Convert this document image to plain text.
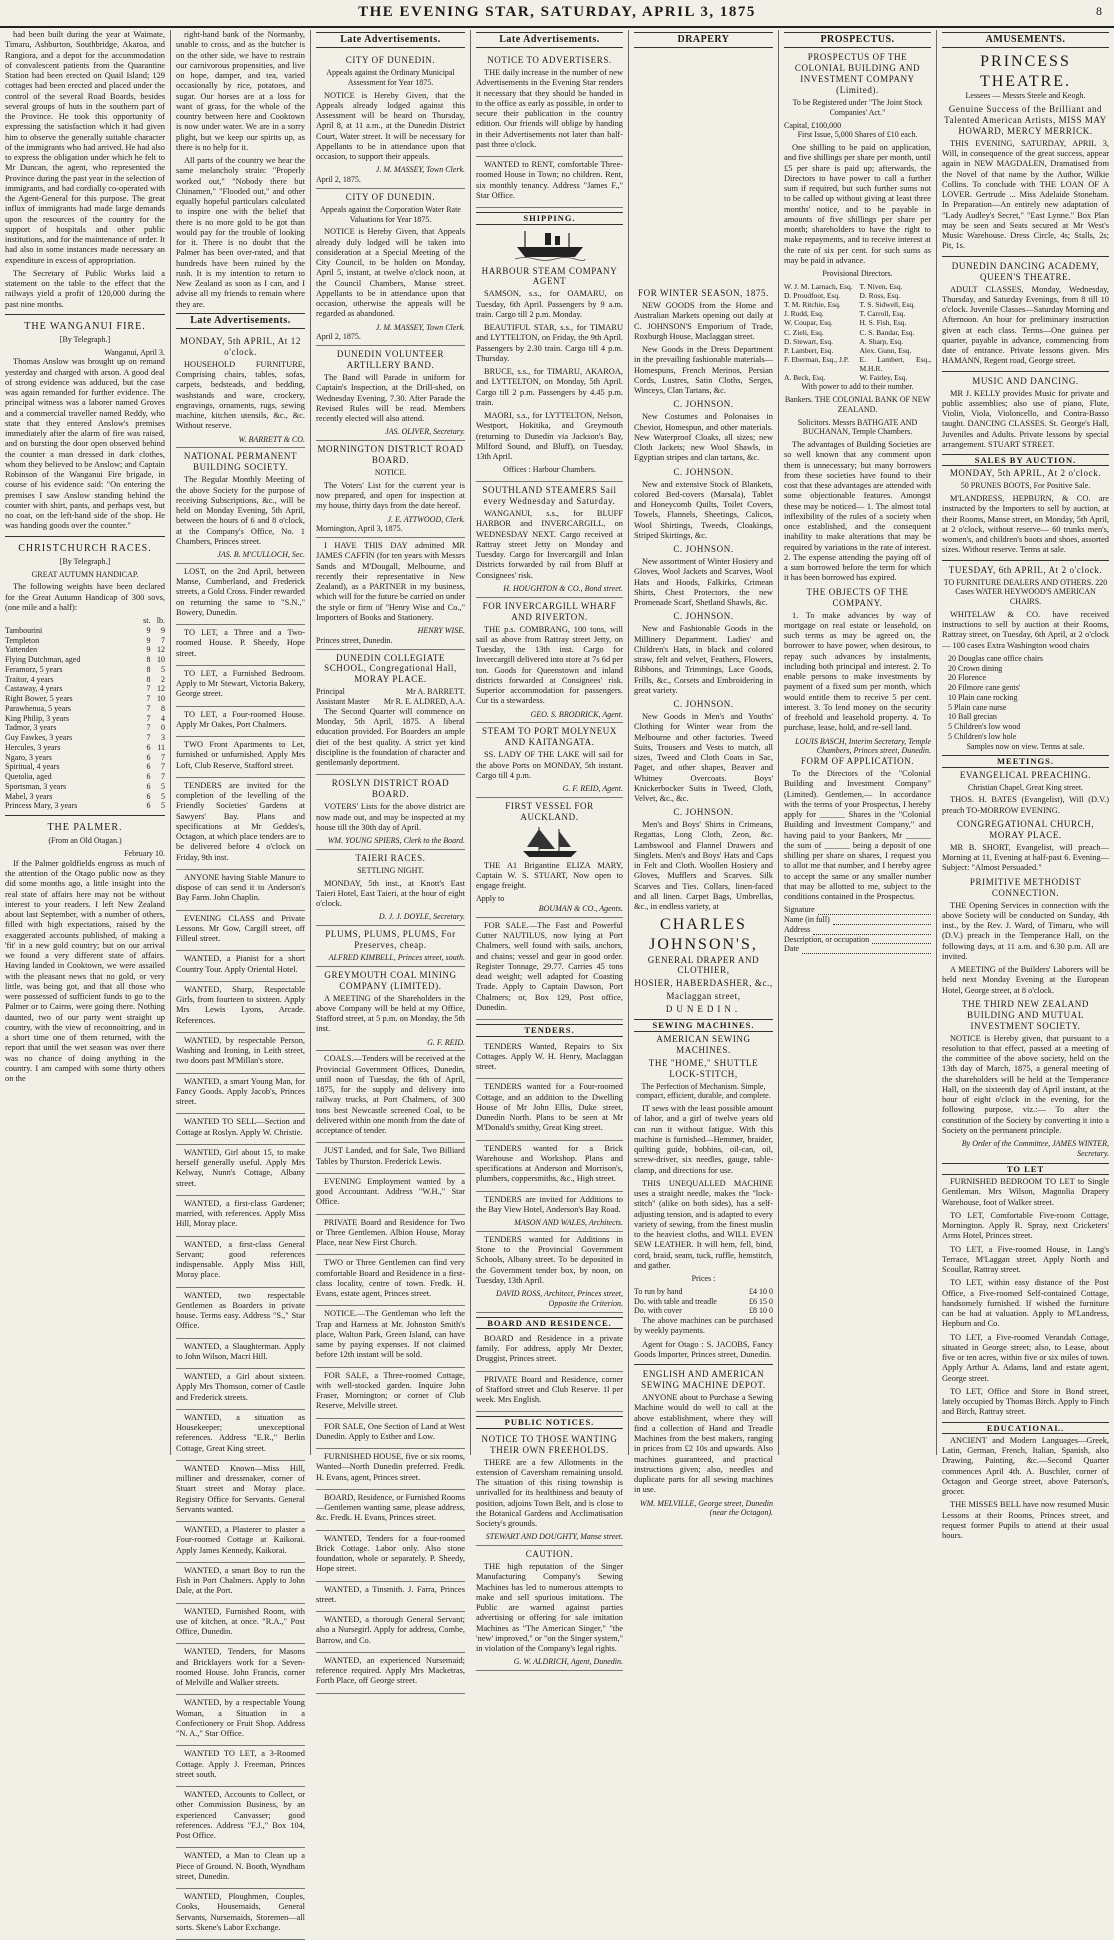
THE EVENING STAR, SATURDAY, APRIL 3, 1875	8

had been built during the year at Waimate, Timaru, Ashburton, Southbridge, Akaroa, and Rangiora, and a depot for the accommodation of convalescent patients from the Quarantine Station had been erected on Quail Island; 129 cottages had been erected and placed under the control of the several Road Boards, besides several groups of huts in the southern part of the Province. He took this opportunity of expressing the satisfaction which it had given him to observe the generally suitable character of the immigrants who had arrived. He had also to express the obligation under which he felt to Mr Duncan, the agent, who represented the Province during the past year in the selection of immigrants, and had cordially co-operated with the Agent-General for this purpose. The great influx of immigrants had made large demands upon the resources of the country for the support of hospitals and other public institutions, and for the maintenance of order. It had also in some instances made necessary an expenditure in excess of appropriation.

The Secretary of Public Works laid a statement on the table to the effect that the railways yield a profit of 120,000 during the past nine months.

THE WANGANUI FIRE.
[By Telegraph.]
Wanganui, April 3.

Thomas Anslow was brought up on remand yesterday and charged with arson. A good deal of strong evidence was adduced, but the case was again remanded for further evidence. The principal witness was a laborer named Groves and a commercial traveller named Reddy, who state that they entered Anslow's premises immediately after the alarm of fire was raised, and on bursting the door open observed behind the counter a man dressed in dark clothes, whom they believed to be Anslow; and Captain Robinson of the Wanganui Fire brigade, in course of his evidence said: "On entering the premises I saw Anslow standing behind the counter with shirt, pants, and perhaps vest, but no coat, on the left-hand side of the shop. He was handing goods over the counter."

CHRISTCHURCH RACES.
[By Telegraph.]
GREAT AUTUMN HANDICAP.

The following weights have been declared for the Great Autumn Handicap of 300 sovs, (one mile and a half):

	st.	lb.
Tambourini	9	9
Templeton	9	7
Yattenden	9	12
Flying Dutchman, aged	8	10
Feramorz, 5 years	8	5
Traitor, 4 years	8	2
Castaway, 4 years	7	12
Right Bower, 5 years	7	10
Parawhenua, 5 years	7	8
King Philip, 3 years	7	4
Tadmor, 3 years	7	0
Guy Fawkes, 3 years	7	3
Hercules, 3 years	6	11
Ngaro, 3 years	6	7
Spiritual, 4 years	6	7
Quetolia, aged	6	7
Sportsman, 3 years	6	5
Mabel, 3 years	6	5
Princess Mary, 3 years	6	5
THE PALMER.
(From an Old Otagan.)
February 10.

If the Palmer goldfields engross as much of the attention of the Otago public now as they did some months ago, a little insight into the real state of affairs here may not be without interest to your readers. I left New Zealand about last September, with a number of others, filled with high expectations, raised by the exaggerated accounts published, of making a 'fit' in a new gold country; but on our arrival we found a very different state of affairs. Having landed in Cooktown, we were assailed with the pleasant news that no gold, or very little, was being got, and that all those who were possessed of sufficient funds to go to the Palmer or to Cairns, were going there. Nothing daunted, two of our party went straight up country, with the view of reconnoitring, and in a short time one of them returned, with the report that until the wet season was over there was no chance of doing anything in the country. I am camped with some thirty others on the

right-hand bank of the Normanby, unable to cross, and as the butcher is on the other side, we have to restrain our carnivorous propensities, and live on hope, damper, and tea, varied occasionally by rice, potatoes, and sugar. Our horses are at a loss for want of grass, for the whole of the country between here and Cooktown is now under water. We are in a sorry plight, but we keep our spirits up, as there is no help for it.

All parts of the country we hear the same melancholy strain: "Properly worked out," "Nobody there but Chinamen," "Flooded out," and other equally hopeful particulars calculated to inspire one with the belief that there is no more gold to be got than would pay for the trouble of looking for it. There is no doubt that the Palmer has been over-rated, and that hundreds have been ruined by the rush. It is my intention to return to New Zealand as soon as I can, and I advise all my friends to remain where they are.

Late Advertisements.
MONDAY, 5th APRIL, At 12 o'clock.

HOUSEHOLD FURNITURE, Comprising chairs, tables, sofas, carpets, bedsteads, and bedding, washstands and ware, crockery, engravings, ornaments, rugs, sewing machine, kitchen utensils, &c., &c. Without reserve.

W. BARRETT & CO.
NATIONAL PERMANENT BUILDING SOCIETY.

The Regular Monthly Meeting of the above Society for the purpose of receiving Subscriptions, &c., will be held on Monday Evening, 5th April, between the hours of 6 and 8 o'clock, at the Company's Office, No. 1 Chambers, Princes street.

JAS. B. M'CULLOCH, Sec.

LOST, on the 2nd April, between Manse, Cumberland, and Frederick streets, a Gold Cross. Finder rewarded on returning the same to "S.N.," Bowery, Dunedin.

TO LET, a Three and a Two-roomed House. P. Sheedy, Hope street.

TO LET, a Furnished Bedroom. Apply to Mr Stewart, Victoria Bakery, George street.

TO LET, a Four-roomed House. Apply Mr Oakes, Port Chalmers.

TWO Front Apartments to Let, furnished or unfurnished. Apply Mrs Loft, Club Reserve, Stafford street.

TENDERS are invited for the completion of the levelling of the Friendly Societies' Gardens at Sawyers' Bay. Plans and specifications at Mr Geddes's, Octagon, at which place tenders are to be delivered before 4 o'clock on Friday, 9th inst.

ANYONE having Stable Manure to dispose of can send it to Anderson's Bay Farm. John Chaplin.

EVENING CLASS and Private Lessons. Mr Gow, Cargill street, off Filleul street.

WANTED, a Pianist for a short Country Tour. Apply Oriental Hotel.

WANTED, Sharp, Respectable Girls, from fourteen to sixteen. Apply Mrs Lewis Lyons, Arcade. References.

WANTED, by respectable Person, Washing and Ironing, in Leith street, two doors past M'Millan's store.

WANTED, a smart Young Man, for Fancy Goods. Apply Jacob's, Princes street.

WANTED TO SELL—Section and Cottage at Roslyn. Apply W. Christie.

WANTED, Girl about 15, to make herself generally useful. Apply Mrs Kelway, Nunn's Cottage, Albany street.

WANTED, a first-class Gardener; married, with references. Apply Miss Hill, Moray place.

WANTED, a first-class General Servant; good references indispensable. Apply Miss Hill, Moray place.

WANTED, two respectable Gentlemen as Boarders in private house. Terms easy. Address "S.," Star Office.

WANTED, a Slaughterman. Apply to John Wilson, Macri Hill.

WANTED, a Girl about sixteen. Apply Mrs Thomson, corner of Castle and Frederick streets.

WANTED, a situation as Housekeeper; unexceptional references. Address "E.R.," Berlin Cottage, Great King street.

WANTED Known—Miss Hill, milliner and dressmaker, corner of Stuart street and Moray place. Registry Office for Servants. General Servants wanted.

WANTED, a Plasterer to plaster a Four-roomed Cottage at Kaikorai. Apply James Kennedy, Kaikorai.

WANTED, a smart Boy to run the Fish in Port Chalmers. Apply to John Dale, at the Port.

WANTED, Furnished Room, with use of kitchen, at once. "R.A.," Post Office, Dunedin.

WANTED, Tenders, for Masons and Bricklayers work for a Seven-roomed House. John Francis, corner of Melville and Walker streets.

WANTED, by a respectable Young Woman, a Situation in a Confectionery or Fruit Shop. Address "N. A.," Star Office.

WANTED TO LET, a 3-Roomed Cottage. Apply J. Freeman, Princes street south.

WANTED, Accounts to Collect, or other Commission Business, by an experienced Canvasser; good references. Address "F.J.," Box 104, Post Office.

WANTED, a Man to Clean up a Piece of Ground. N. Booth, Wyndham street, Dunedin.

WANTED, Ploughmen, Couples, Cooks, Housemaids, General Servants, Nursemaids, Storemen—all sorts. Skene's Labor Exchange.

Late Advertisements.
CITY OF DUNEDIN.
Appeals against the Ordinary Municipal Assessment for Year 1875.

NOTICE is Hereby Given, that the Appeals already lodged against this Assessment will be heard on Thursday, April 8, at 11 a.m., at the Dunedin District Court, Water street. It will be necessary for Appellants to be in attendance upon that occasion, to support their appeals.

J. M. MASSEY, Town Clerk.
April 2, 1875.
CITY OF DUNEDIN.
Appeals against the Corporation Water Rate Valuations for Year 1875.

NOTICE is Hereby Given, that Appeals already duly lodged will be taken into consideration at a Special Meeting of the City Council, to be holden on Monday, April 5, instant, at twelve o'clock noon, at the Council Chambers, Manse street. Appellants to be in attendance upon that occasion, otherwise the appeals will be regarded as abandoned.

J. M. MASSEY, Town Clerk.
April 2, 1875.
DUNEDIN VOLUNTEER ARTILLERY BAND.

The Band will Parade in uniform for Captain's Inspection, at the Drill-shed, on Wednesday Evening, 7.30. After Parade the Revised Rules will be read. Members recently elected will also attend.

JAS. OLIVER, Secretary.
MORNINGTON DISTRICT ROAD BOARD.
NOTICE.

The Voters' List for the current year is now prepared, and open for inspection at my house, thirty days from the date hereof.

J. E. ATTWOOD, Clerk.
Mornington, April 3, 1875.

I HAVE THIS DAY admitted MR JAMES CAFFIN (for ten years with Messrs Sands and M'Dougall, Melbourne, and recently their representative in New Zealand), as a PARTNER in my business, which will for the future be carried on under the style or firm of "Henry Wise and Co.," Importers of Books and Stationery.

HENRY WISE.
Princes street, Dunedin.
DUNEDIN COLLEGIATE SCHOOL, Congregational Hall, MORAY PLACE.
Principal	Mr A. BARRETT.
Assistant Master	Mr R. E. ALDRED, A.A.

The Second Quarter will commence on Monday, 5th April, 1875. A liberal education provided. For Boarders an ample diet of the best quality. A strict yet kind discipline is the foundation of character and gentlemanly deportment.

ROSLYN DISTRICT ROAD BOARD.

VOTERS' Lists for the above district are now made out, and may be inspected at my house till the 30th day of April.

WM. YOUNG SPIERS, Clerk to the Board.
TAIERI RACES.
SETTLING NIGHT.

MONDAY, 5th inst., at Knott's East Taieri Hotel, East Taieri, at the hour of eight o'clock.

D. J. J. DOYLE, Secretary.
PLUMS, PLUMS, PLUMS, For Preserves, cheap.
ALFRED KIMBELL, Princes street, south.
GREYMOUTH COAL MINING COMPANY (LIMITED).

A MEETING of the Shareholders in the above Company will be held at my Office, Stafford street, at 5 p.m. on Monday, the 5th inst.

G. F. REID.

COALS.—Tenders will be received at the Provincial Government Offices, Dunedin, until noon of Tuesday, the 6th of April, 1875, for the supply and delivery into railway trucks, at Port Chalmers, of 300 tons best Newcastle screened Coal, to be delivered within one month from the date of acceptance of tender.

JUST Landed, and for Sale, Two Billiard Tables by Thurston. Frederick Lewis.

EVENING Employment wanted by a good Accountant. Address "W.H.," Star Office.

PRIVATE Board and Residence for Two or Three Gentlemen. Albion House, Moray Place, near New First Church.

TWO or Three Gentlemen can find very comfortable Board and Residence in a first-class locality, centre of town. Fredk. H. Evans, estate agent, Princes street.

NOTICE.—The Gentleman who left the Trap and Harness at Mr. Johnston Smith's place, Walton Park, Green Island, can have same by paying expenses. If not claimed before 12th instant will be sold.

FOR SALE, a Three-roomed Cottage, with well-stocked garden. Inquire John Fraser, Mornington; or corner of Club Reserve, Melville street.

FOR SALE, One Section of Land at West Dunedin. Apply to Esther and Low.

FURNISHED HOUSE, five or six rooms, Wanted—North Dunedin preferred. Fredk. H. Evans, agent, Princes street.

BOARD, Residence, or Furnished Rooms—Gentlemen wanting same, please address, &c. Fredk. H. Evans, Princes street.

WANTED, Tenders for a four-roomed Brick Cottage. Labor only. Also stone foundation, whole or separately. P. Sheedy, Hope street.

WANTED, a Tinsmith. J. Farra, Princes street.

WANTED, a thorough General Servant; also a Nursegirl. Apply for address, Combe, Barrow, and Co.

WANTED, an experienced Nursemaid; reference required. Apply Mrs Macketras, Forth Place, off George street.

Late Advertisements.
NOTICE TO ADVERTISERS.

THE daily increase in the number of new Advertisements in the Evening Star renders it necessary that they should be handed in to the office as early as possible, in order to secure their publication in the country edition. Our friends will oblige by handing in their Advertisements not later than half-past three o'clock.

WANTED to RENT, comfortable Three-roomed House in Town; no children. Rent, six monthly tenancy. Address "James F.," Star Office.

SHIPPING.
HARBOUR STEAM COMPANY AGENT

SAMSON, s.s., for OAMARU, on Tuesday, 6th April. Passengers by 9 a.m. train. Cargo till 2 p.m. Monday.

BEAUTIFUL STAR, s.s., for TIMARU and LYTTELTON, on Friday, the 9th April. Passengers by 2.30 train. Cargo till 4 p.m. Thursday.

BRUCE, s.s., for TIMARU, AKAROA, and LYTTELTON, on Monday, 5th April. Cargo till 2 p.m. Passengers by 4.45 p.m. train.

MAORI, s.s., for LYTTELTON, Nelson, Westport, Hokitika, and Greymouth (returning to Dunedin via Jackson's Bay, Milford Sound, and Bluff), on Tuesday, 13th April.

Offices : Harbour Chambers.
SOUTHLAND STEAMERS Sail every Wednesday and Saturday.

WANGANUI, s.s., for BLUFF HARBOR and INVERCARGILL, on WEDNESDAY NEXT. Cargo received at Rattray street Jetty on Monday and Tuesday. Cargo for Invercargill and Inlan Districts forwarded by rail from Bluff at Consignees' risk.

H. HOUGHTON & CO., Bond street.
FOR INVERCARGILL WHARF AND RIVERTON.

THE p.s. COMBRANG, 100 tons, will sail as above from Rattray street Jetty, on Tuesday, the 13th inst. Cargo for Invercargill delivered into store at 7s 6d per ton. Goods for Queenstown and inland districts forwarded at Consignees' risk. Superior accommodation for passengers. Cur tis a stewardess.

GEO. S. BRODRICK, Agent.
STEAM TO PORT MOLYNEUX AND KAITANGATA.

SS. LADY OF THE LAKE will sail for the above Ports on MONDAY, 5th instant. Cargo till 4 p.m.

G. F. REID, Agent.
FIRST VESSEL FOR AUCKLAND.

THE A1 Brigantine ELIZA MARY, Captain W. S. STUART, Now open to engage freight.

Apply to
BOUMAN & CO., Agents.

FOR SALE.—The Fast and Powerful Cutter NAUTILUS, now lying at Port Chalmers, well found with sails, anchors, and chains; vessel and gear in good order. Register Tonnage, 29.77. Carries 45 tons dead weight; well adapted for Coasting Trade. Apply to Captain Dawson, Port Chalmers; or, Box 129, Post office, Dunedin.

TENDERS.

TENDERS Wanted, Repairs to Six Cottages. Apply W. H. Henry, Maclaggan street.

TENDERS wanted for a Four-roomed Cottage, and an addition to the Dwelling House of Mr John Ellis, Duke street, Dunedin North. Plans to be seen at Mr M'Donald's smithy, Great King street.

TENDERS wanted for a Brick Warehouse and Workshop. Plans and specifications at Anderson and Morrison's, plumbers, coppersmiths, &c., High street.

TENDERS are invited for Additions to the Bay View Hotel, Anderson's Bay Road.

MASON AND WALES, Architects.

TENDERS wanted for Additions in Stone to the Provincial Government Schools, Albany street. To be deposited in the Government tender box, by noon, on Tuesday, 13th April.

DAVID ROSS, Architect, Princes street, Opposite the Criterion.
BOARD AND RESIDENCE.

BOARD and Residence in a private family. For address, apply Mr Dexter, Druggist, Princes street.

PRIVATE Board and Residence, corner of Stafford street and Club Reserve. 1l per week. Mrs English.

PUBLIC NOTICES.
NOTICE TO THOSE WANTING THEIR OWN FREEHOLDS.

THERE are a few Allotments in the extension of Caversham remaining unsold. The situation of this rising township is unrivalled for its healthiness and beauty of position, adjoins Town Belt, and is close to the Botanical Gardens and Acclimatisation Society's grounds.

STEWART AND DOUGHTY, Manse street.
CAUTION.

THE high reputation of the Singer Manufacturing Company's Sewing Machines has led to numerous attempts to make and sell spurious imitations. The Public are warned against parties advertising or offering for sale imitation Machines as "The American Singer," "the 'new' improved," or "on the Singer system," in violation of the Company's legal rights.

G. W. ALDRICH, Agent, Dunedin.
DRAPERY
FOR WINTER SEASON, 1875.

NEW GOODS from the Home and Australian Markets opening out daily at C. JOHNSON'S Emporium of Trade, Roxburgh House, Maclaggan street.

New Goods in the Dress Department in the prevailing fashionable materials—Homespuns, French Merinos, Persian Cords, Lustres, Satin Cloths, Serges, Winceys, Clan Tartans, &c.

C. JOHNSON.

New Costumes and Polonaises in Cheviot, Homespun, and other materials. New Waterproof Cloaks, all sizes; new Cloth Jackets; new Wool Shawls, in Egyptian stripes and clan tartans, &c.

C. JOHNSON.

New and extensive Stock of Blankets, colored Bed-covers (Marsala), Tablet and Honeycomb Quilts, Toilet Covers, Towels, Flannels, Sheetings, Calicos, Wool Shirtings, Tweeds, Cloakings, Striped Skirtings, &c.

C. JOHNSON.

New assortment of Winter Hosiery and Gloves, Wool Jackets and Scarves, Wool Hats and Hoods, Falkirks, Crimean Shirts, Chest Protectors, the new Promenade Scarf, Shetland Shawls, &c.

C. JOHNSON.

New and Fashionable Goods in the Millinery Department. Ladies' and Children's Hats, in black and colored straw, felt and velvet, Feathers, Flowers, Ribbons, and Trimmings, Lace Goods, Frills, &c., Corsets and Embroidering in great variety.

C. JOHNSON.

New Goods in Men's and Youths' Clothing for Winter wear from the Melbourne and other factories. Tweed Suits, Trousers and Vests to match, all sizes, Tweed and Cloth Coats in Sac, Paget, and other shapes, Beaver and Whitney Overcoats. Boys' Knickerbocker Suits in Tweed, Cloth, Velvet, &c., &c.

C. JOHNSON.

Men's and Boys' Shirts in Crimeans, Regattas, Long Cloth, Zeon, &c. Lambswool and Flannel Drawers and Singlets. Men's and Boys' Hats and Caps in Felt and Cloth. Woollen Hosiery and Gloves, Mufflers and Scarves. Silk Scarves and Ties. Collars, linen-faced and all linen. Carpet Bags, Umbrellas, &c., in endless variety, at

CHARLES JOHNSON'S,
GENERAL DRAPER AND CLOTHIER,
HOSIER, HABERDASHER, &c.,
Maclaggan street,
DUNEDIN.
SEWING MACHINES.
AMERICAN SEWING MACHINES.
THE "HOME," SHUTTLE LOCK-STITCH,
The Perfection of Mechanism. Simple, compact, efficient, durable, and complete.

IT sews with the least possible amount of labor, and a girl of twelve years old can run it without fatigue. With this machine is furnished—Hemmer, braider, quilting guide, bobbins, oil-can, oil, screw-driver, six needles, gauge, table-clamp, and directions for use.

THIS UNEQUALLED MACHINE uses a straight needle, makes the "lock-stitch" (alike on both sides), has a self-adjusting tension, and is adapted to every variety of sewing, from the finest muslin to the heaviest cloths, and WILL EVEN SEW LEATHER. It will hem, fell, bind, cord, braid, seam, tuck, ruffle, hemstitch, and gather.

Prices :
To run by hand	£4 10 0
Do. with table and treadle	£6 15 0
Do. with cover	£8 10 0

The above machines can be purchased by weekly payments.

Agent for Otago : S. JACOBS, Fancy Goods Importer, Princes street, Dunedin.

ENGLISH AND AMERICAN SEWING MACHINE DEPOT.

ANYONE about to Purchase a Sewing Machine would do well to call at the above establishment, where they will find a collection of Hand and Treadle Machines from the best makers, ranging in prices from £2 10s and upwards. Also machines guaranteed, and practical instructions given; also, needles and duplicate parts for all sewing machines in use.

WM. MELVILLE, George street, Dunedin (near the Octagon).
PROSPECTUS.
PROSPECTUS OF THE COLONIAL BUILDING AND INVESTMENT COMPANY (Limited).
To be Registered under "The Joint Stock Companies' Act."
Capital, £100,000
First Issue, 5,000 Shares of £10 each.

One shilling to be paid on application, and five shillings per share per month, until £5 per share is paid up; afterwards, the Directors to have power to call a further sum if required, but such further sums not to be called up without giving at least three months' notice, and to be payable in amounts of five shillings per share per month; shareholders to have the right to make repayments, and to receive interest at the rate of six per cent. for such sums as may be paid in advance.

Provisional Directors.
W. J. M. Larnach, Esq. T. Niven, Esq.
D. Proudfoot, Esq.	D. Ross, Esq.
T. M. Ritchie, Esq.	T. S. Sidwell, Esq.
J. Rudd, Esq.	T. Carroll, Esq.
W. Coupar, Esq.	H. S. Fish, Esq.
C. Zieli, Esq.	C. S. Bandar, Esq.
D. Stewart, Esq.	A. Sharp, Esq.
P. Lambert, Esq.	Alex. Gunn, Esq.
F. Eberman, Esq., J.P.	E. Lambert, Esq., M.H.R.
A. Beck, Esq.	W. Fairley, Esq.
With power to add to their number.
Bankers. THE COLONIAL BANK OF NEW ZEALAND.
Solicitors. Messrs BATHGATE AND BUCHANAN, Temple Chambers.

The advantages of Building Societies are so well known that any comment upon them is unnecessary; but many borrowers from these societies have found to their cost that these advantages are attended with some objectionable features. Amongst these may be noticed— 1. The almost total inflexibility of the rules of a society when once established, and the consequent inability to make alterations that may be required by variations in the rate of interest. 2. The expense attending the paying off of a sum borrowed before the term for which it has been borrowed has expired.

THE OBJECTS OF THE COMPANY.

1. To make advances by way of mortgage on real estate or leasehold, on such terms as may be agreed on, the borrower to have power, when desirous, to repay such advances by instalments, including both principal and interest. 2. To enable persons to make investments by payment of a fixed sum per month, which would entitle them to receive 5 per cent. interest. 3. To lend money on the security of freehold and leasehold property. 4. To purchase, lease, hold, and re-sell land.

LOUIS BASCH, Interim Secretary, Temple Chambers, Princes street, Dunedin.
FORM OF APPLICATION.

To the Directors of the "Colonial Building and Investment Company" (Limited). Gentlemen,— In accordance with the terms of your Prospectus, I hereby apply for ______ Shares in the "Colonial Building and Investment Company," and having paid to your Bankers, Mr ______ the sum of ______ being a deposit of one shilling per share on shares, I request you to allot me that number, and I hereby agree to accept the same or any smaller number that may be allotted to me, subject to the conditions contained in the Prospectus.

Signature
Name (in full)
Address
Description, or occupation
Date
AMUSEMENTS.
PRINCESS THEATRE.
Lessees — Messrs Steele and Keogh.
Genuine Success of the Brilliant and Talented American Artists, MISS MAY HOWARD, MERCY MERRICK.

THIS EVENING, SATURDAY, APRIL 3, Will, in consequence of the great success, appear again in NEW MAGDALEN, Dramatised from the Novel of that name by the Author, Wilkie Collins. To conclude with THE LOAN OF A LOVER. Gertrude ... Miss Adelaide Stoneham. In Preparation—An entirely new adaptation of "Lady Audley's Secret," "East Lynne." Box Plan may be seen and Seats secured at Mr West's Music Warehouse. Dress Circle, 4s; Stalls, 2s; Pit, 1s.

DUNEDIN DANCING ACADEMY, QUEEN'S THEATRE.

ADULT CLASSES, Monday, Wednesday, Thursday, and Saturday Evenings, from 8 till 10 o'clock. Juvenile Classes—Saturday Morning and Afternoon. An hour for preliminary instruction given at each class. Terms—One guinea per quarter, payable in advance, commencing from date of entrance. Private lessons given. Mrs HAMANN, Regent road, George street.

MUSIC AND DANCING.

MR J. KELLY provides Music for private and public assemblies; also use of piano, Flute, Violin, Viola, Violoncello, and Contra-Basso taught. DANCING CLASSES. St. George's Hall, Juveniles and Adults. Private lessons by special arrangement. STUART STREET.

SALES BY AUCTION.
MONDAY, 5th APRIL, At 2 o'clock.
50 PRUNES BOOTS, For Positive Sale.

M'LANDRESS, HEPBURN, & CO. are instructed by the Importers to sell by auction, at their Rooms, Manse street, on Monday, 5th April, at 2 o'clock, without reserve— 60 trunks men's, women's, and children's boots and shoes, assorted sizes. Without reserve. Terms at sale.

TUESDAY, 6th APRIL, At 2 o'clock.
TO FURNITURE DEALERS AND OTHERS. 220 Cases WATER HEYWOOD'S AMERICAN CHAIRS.

WHITELAW & CO. have received instructions to sell by auction at their Rooms, Rattray street, on Tuesday, 6th April, at 2 o'clock— 100 cases Extra Washington wood chairs

20 Douglas cane office chairs
20 Crown dining
20 Florence
20 Filmore cane gents'
10 Plain cane rocking
5 Plain cane nurse
10 Ball grecian
5 Children's low wood
5 Children's low hole
Samples now on view. Terms at sale.
MEETINGS.
EVANGELICAL PREACHING.
Christian Chapel, Great King street.

THOS. H. BATES (Evangelist), Will (D.V.) preach TO-MORROW EVENING.

CONGREGATIONAL CHURCH, MORAY PLACE.

MR B. SHORT, Evangelist, will preach—Morning at 11, Evening at half-past 6. Evening—Subject: "Almost Persuaded."

PRIMITIVE METHODIST CONNECTION.

THE Opening Services in connection with the above Society will be conducted on Sunday, 4th inst., by the Rev. J. Ward, of Timaru, who will (D.V.) preach in the Temperance Hall, on the following days, at 11 a.m. and 6.30 p.m. All are invited.

A MEETING of the Builders' Laborers will be held next Monday Evening at the European Hotel, George street, at 8 o'clock.

THE THIRD NEW ZEALAND BUILDING AND MUTUAL INVESTMENT SOCIETY.

NOTICE is Hereby given, that pursuant to a resolution to that effect, passed at a meeting of the committee of the above society, held on the 13th day of March, 1875, a general meeting of the shareholders will be held at the Temperance Hall, on the sixteenth day of April instant, at the hour of eight o'clock in the evening, for the following purpose, viz.:— To alter the constitution of the Society by converting it into a Society on the permanent principle.

By Order of the Committee, JAMES WINTER, Secretary.
TO LET

FURNISHED BEDROOM TO LET to Single Gentleman. Mrs Wilson, Magnolia Drapery Warehouse, foot of Walker street.

TO LET, Comfortable Five-room Cottage, Mornington. Apply R. Spray, next Cricketers' Arms Hotel, Princes street.

TO LET, a Five-roomed House, in Lang's Terrace, M'Laggan street. Apply North and Scoullar, Rattray street.

TO LET, within easy distance of the Post Office, a Five-roomed Self-contained Cottage, handsomely furnished. If wished the furniture can be had at valuation. Apply to M'Landress, Hepburn and Co.

TO LET, a Five-roomed Verandah Cottage, situated in George street; also, to Lease, about five or ten acres, within five or six miles of town. Apply Arthur A. Adams, land and estate agent, George street.

TO LET, Office and Store in Bond street, lately occupied by Thomas Birch. Apply to Finch and Birch, Rattray street.

EDUCATIONAL.

ANCIENT and Modern Languages—Greek, Latin, German, French, Italian, Spanish, also Drawing, Painting, &c.—Second Quarter commences April 4th. A. Buschler, corner of Octagon and George street, above Paterson's, grocer.

THE MISSES BELL have now resumed Music Lessons at their Rooms, Princes street, and request former Pupils to attend at their usual hours.
